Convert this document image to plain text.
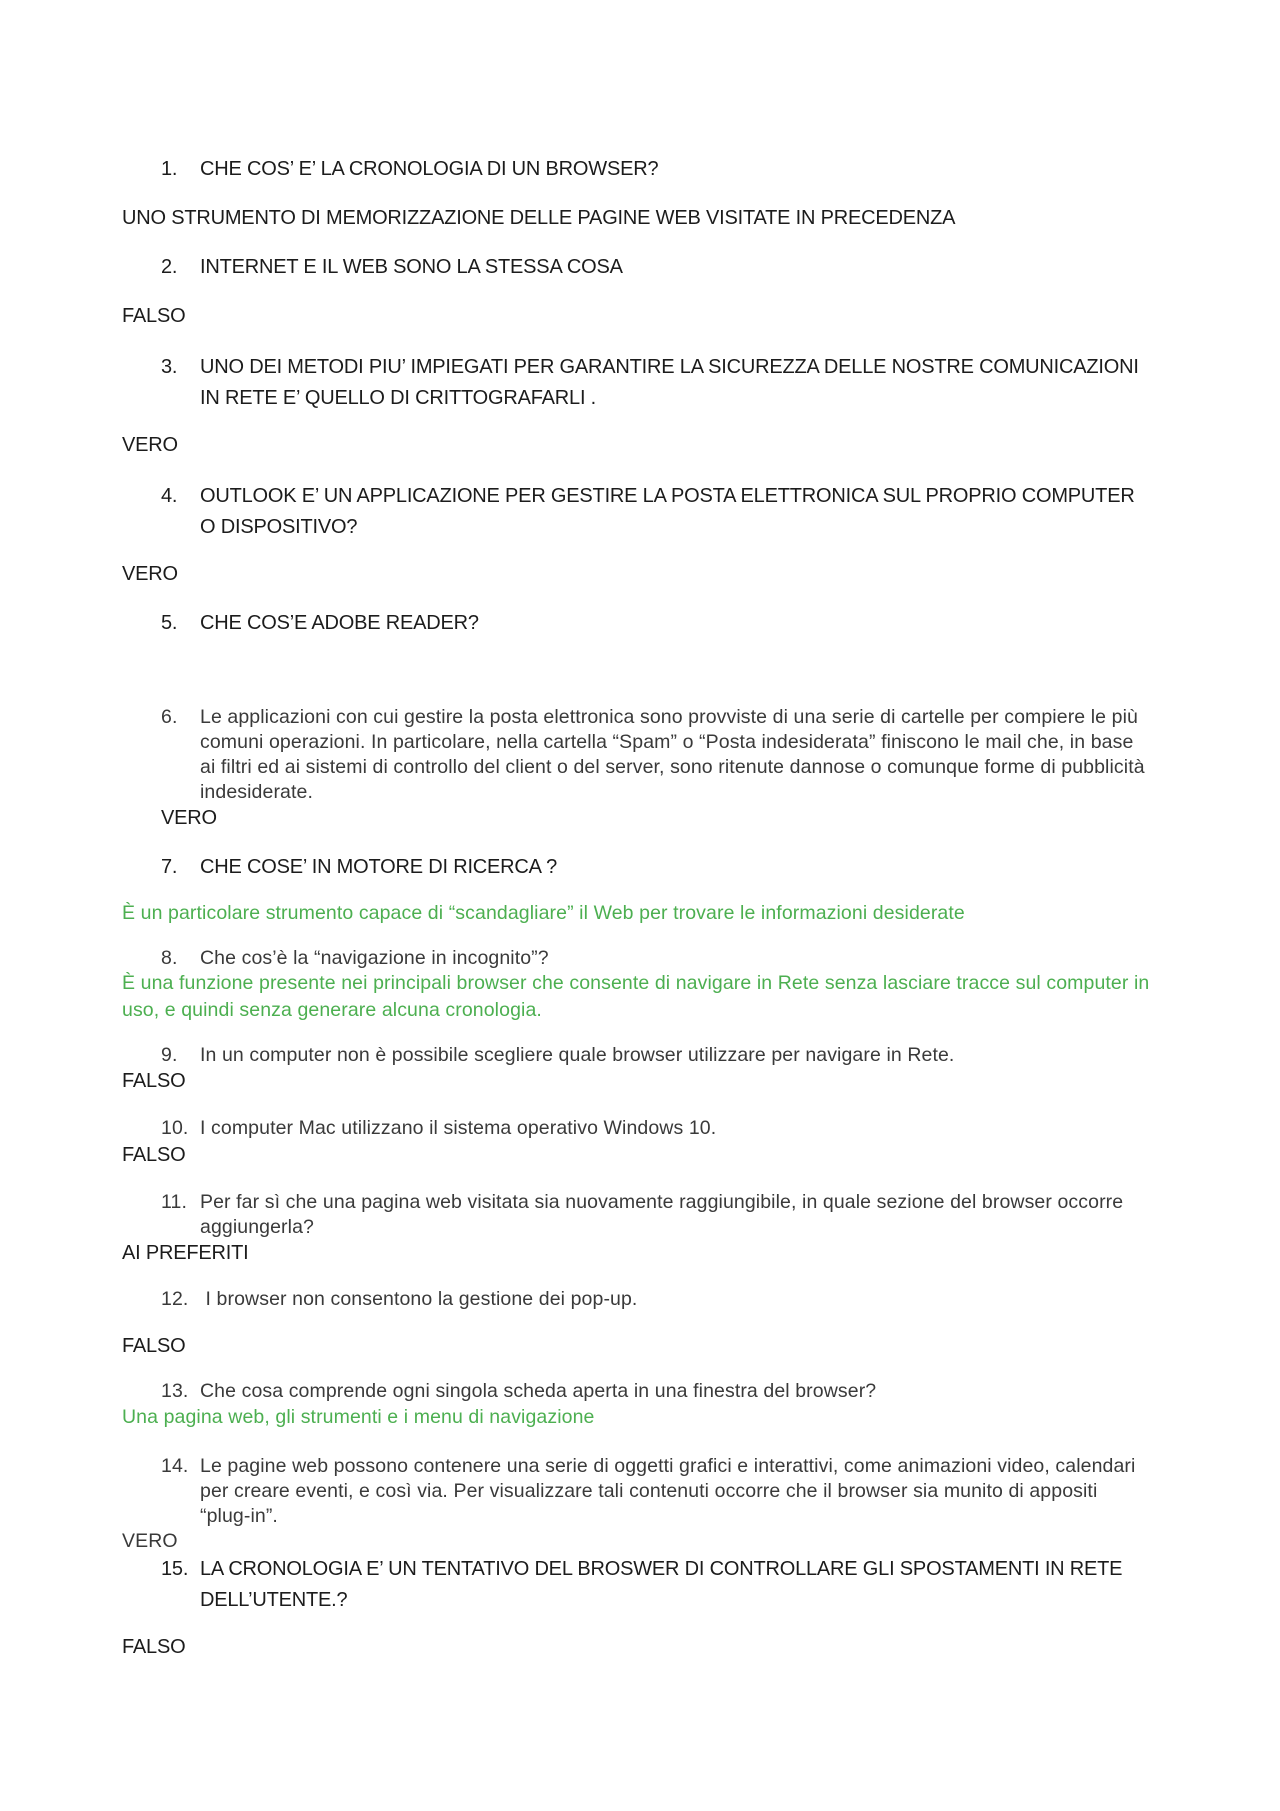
1.	CHE COS’ E’ LA CRONOLOGIA DI UN BROWSER?
UNO STRUMENTO DI MEMORIZZAZIONE DELLE PAGINE WEB VISITATE IN PRECEDENZA
2.	INTERNET E IL WEB SONO LA STESSA COSA
FALSO
3.	UNO DEI METODI PIU’ IMPIEGATI PER GARANTIRE LA SICUREZZA DELLE NOSTRE COMUNICAZIONI IN RETE E’ QUELLO DI CRITTOGRAFARLI .
VERO
4.	OUTLOOK E’ UN APPLICAZIONE PER GESTIRE LA POSTA ELETTRONICA SUL PROPRIO COMPUTER O DISPOSITIVO?
VERO
5.	CHE COS’E ADOBE READER?
6.	Le applicazioni con cui gestire la posta elettronica sono provviste di una serie di cartelle per compiere le più comuni operazioni. In particolare, nella cartella “Spam” o “Posta indesiderata” finiscono le mail che, in base ai filtri ed ai sistemi di controllo del client o del server, sono ritenute dannose o comunque forme di pubblicità indesiderate.
VERO
7.	CHE COSE’ IN MOTORE DI RICERCA ?
È un particolare strumento capace di “scandagliare” il Web per trovare le informazioni desiderate
8.	Che cos’è la “navigazione in incognito”?
È una funzione presente nei principali browser che consente di navigare in Rete senza lasciare tracce sul computer in uso, e quindi senza generare alcuna cronologia.
9.	In un computer non è possibile scegliere quale browser utilizzare per navigare in Rete.
FALSO
10. I computer Mac utilizzano il sistema operativo Windows 10.
FALSO
11. Per far sì che una pagina web visitata sia nuovamente raggiungibile, in quale sezione del browser occorre aggiungerla?
AI PREFERITI
12. I browser non consentono la gestione dei pop-up.
FALSO
13. Che cosa comprende ogni singola scheda aperta in una finestra del browser?
Una pagina web, gli strumenti e i menu di navigazione
14. Le pagine web possono contenere una serie di oggetti grafici e interattivi, come animazioni video, calendari per creare eventi, e così via. Per visualizzare tali contenuti occorre che il browser sia munito di appositi “plug-in”.
VERO
15. LA CRONOLOGIA E’ UN TENTATIVO DEL BROSWER DI CONTROLLARE GLI SPOSTAMENTI IN RETE DELL’UTENTE.?
FALSO
